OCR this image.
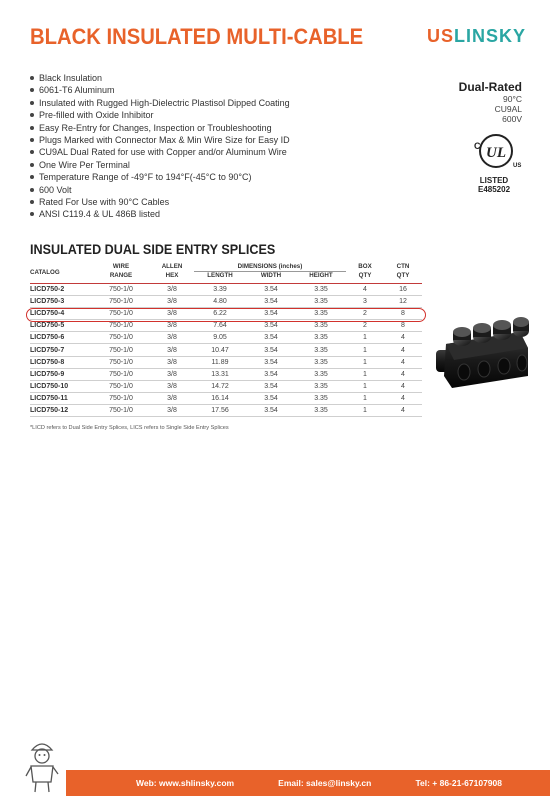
BLACK INSULATED MULTI-CABLE	USLINSKY
Black Insulation
6061-T6 Aluminum
Insulated with Rugged High-Dielectric Plastisol Dipped Coating
Pre-filled with Oxide Inhibitor
Easy Re-Entry for Changes, Inspection or Troubleshooting
Plugs Marked with Connector Max & Min Wire Size for Easy ID
CU9AL Dual Rated for use with Copper and/or Aluminum Wire
One Wire Per Terminal
Temperature Range of -49°F to 194°F(-45°C to 90°C)
600 Volt
Rated For Use with 90°C Cables
ANSI C119.4 & UL 486B listed
Dual-Rated
90°C
CU9AL
600V
C UL
US
LISTED
E485202
INSULATED DUAL SIDE ENTRY SPLICES
CATALOG	WIRE	ALLEN	DIMENSIONS (inches)			BOX	CTN
	RANGE	HEX	LENGTH	WIDTH	HEIGHT	QTY	QTY
LICD750-2	750-1/0	3/8	3.39	3.54	3.35	4	16
LICD750-3	750-1/0	3/8	4.80	3.54	3.35	3	12
LICD750-4	750-1/0	3/8	6.22	3.54	3.35	2	8
LICD750-5	750-1/0	3/8	7.64	3.54	3.35	2	8
LICD750-6	750-1/0	3/8	9.05	3.54	3.35	1	4
LICD750-7	750-1/0	3/8	10.47	3.54	3.35	1	4
LICD750-8	750-1/0	3/8	11.89	3.54	3.35	1	4
LICD750-9	750-1/0	3/8	13.31	3.54	3.35	1	4
LICD750-10	750-1/0	3/8	14.72	3.54	3.35	1	4
LICD750-11	750-1/0	3/8	16.14	3.54	3.35	1	4
LICD750-12	750-1/0	3/8	17.56	3.54	3.35	1	4
*LICD refers to Dual Side Entry Splices, LICS refers to Single Side Entry Splices
Web: www.shlinsky.com	Email: sales@linsky.cn	Tel: + 86-21-67107908
